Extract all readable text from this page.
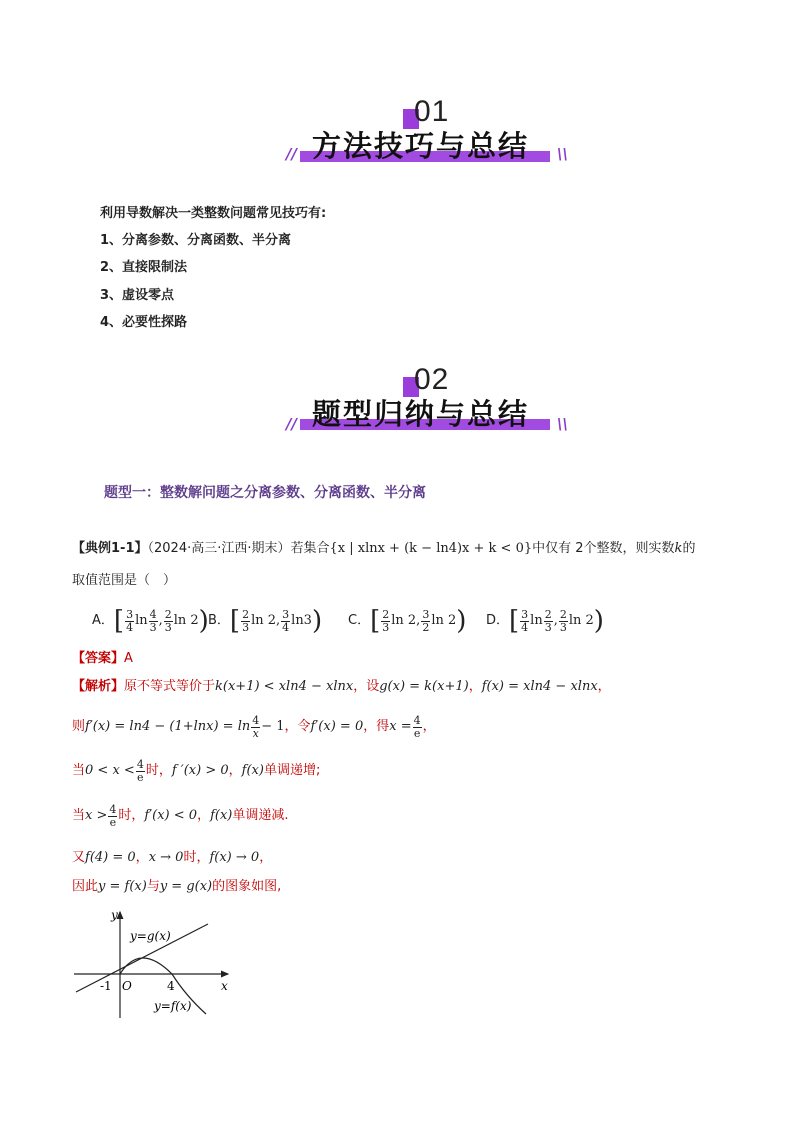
01
方法技巧与总结
//	\\
利用导数解决一类整数问题常见技巧有:
1、分离参数、分离函数、半分离
2、直接限制法
3、虚设零点
4、必要性探路
02
题型归纳与总结
//	\\
题型一：整数解问题之分离参数、分离函数、半分离
【典例1-1】（2024·高三·江西·期末）若集合{x | xlnx + (k − ln4)x + k < 0}中仅有 2个整数，则实数k的
取值范围是（　）
A． [ $\frac{3}{4}$ $\ln \frac{4}{3}$ , $\frac{2}{3}$ ln 2 ) B． [ $\frac{2}{3}$ ln 2, $\frac{3}{4} \ln 3$ ) C． [ $\frac{2}{3}$ ln 2, $\frac{3}{2}$ ln 2 ) D． [ $\frac{3}{4}$ $\ln \frac{2}{3}$ , $\frac{2}{3}$ ln 2 )
【答案】A
【解析】原不等式等价于k(x+1) < xln4 − xlnx，设g(x) = k(x+1)，f(x) = xln4 − xlnx，
则 $f'(x) = \ln 4 - (1+\ln x) = \ln \frac{4}{x} - 1$ ，令 f′(x) = 0 ，得 $x = \frac{4}{e}$ ，
当 $0 < x < \frac{4}{e}$ 时， f ′(x) > 0 ， f(x) 单调递增;
当 $x > \frac{4}{e}$ 时， f′(x) < 0 ， f(x) 单调递减.
又f(4) = 0，x → 0时，f(x) → 0，
因此y = f(x)与y = g(x)的图象如图,
y
x
O
-1	4
y=g(x)
y=f(x)
